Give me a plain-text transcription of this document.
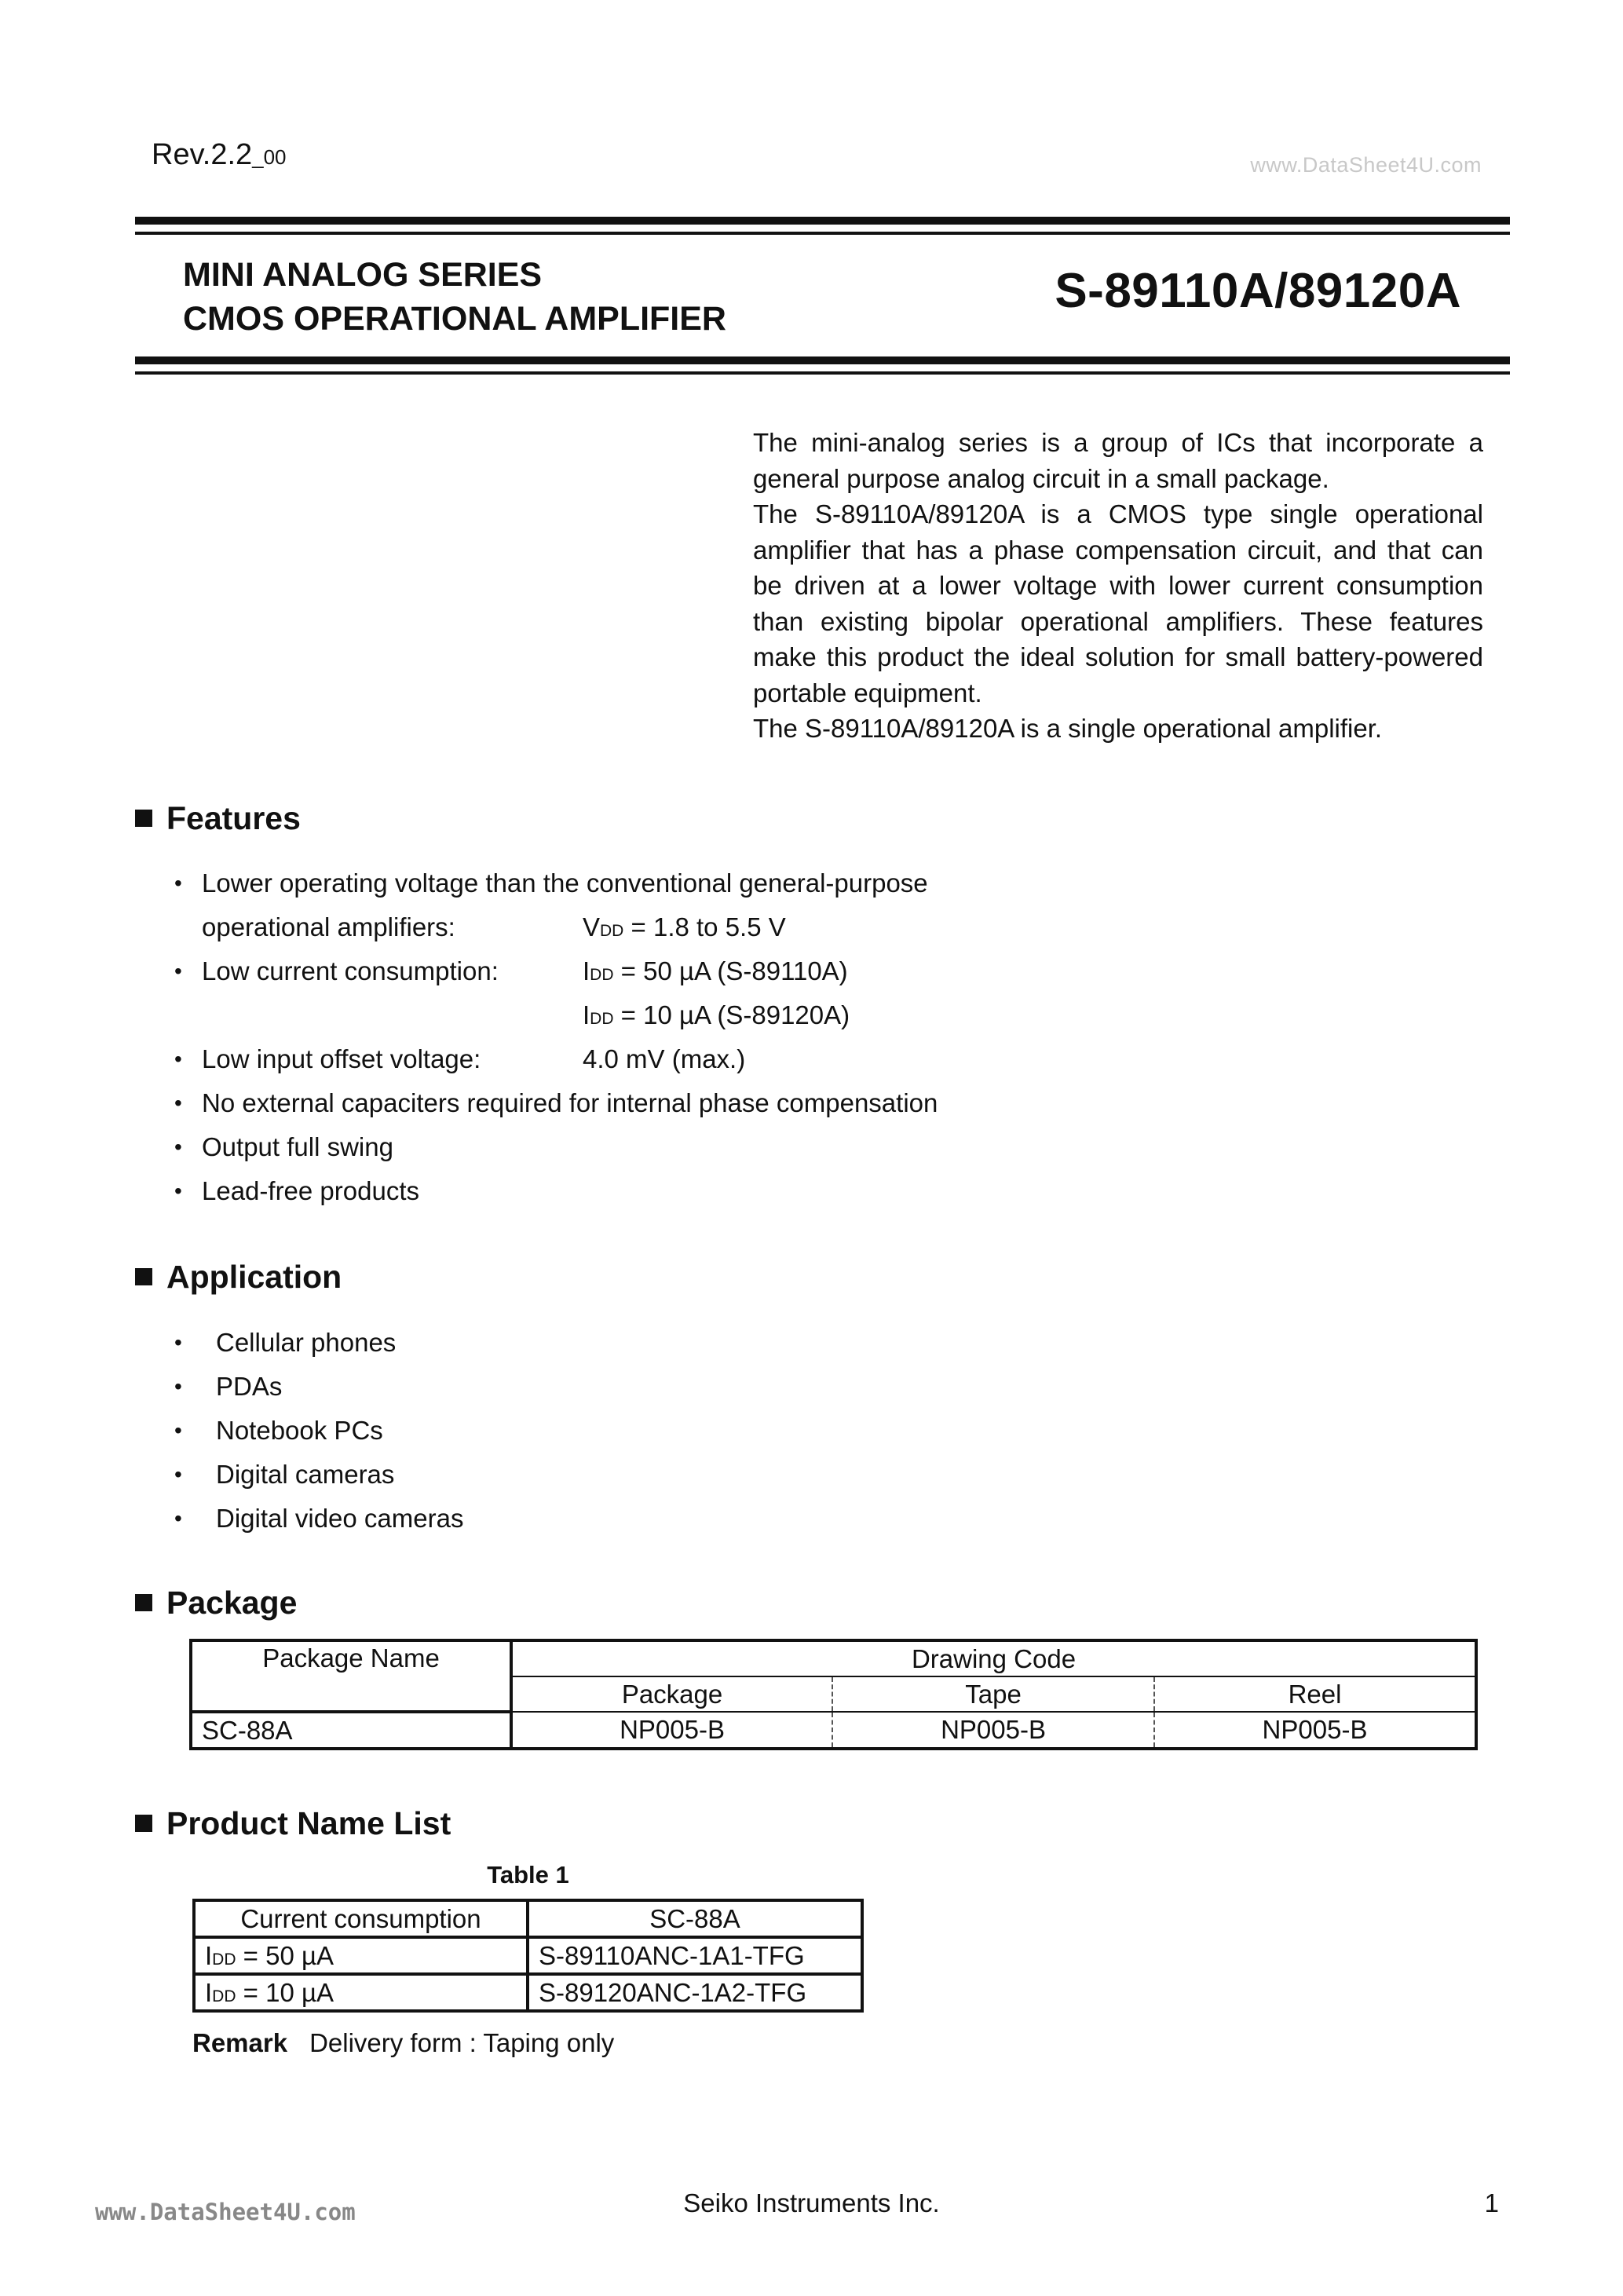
Rev.2.2_00	www.DataSheet4U.com
MINI ANALOG SERIES
CMOS OPERATIONAL AMPLIFIER
S-89110A/89120A

The mini-analog series is a group of ICs that incorporate a general purpose analog circuit in a small package.

The S-89110A/89120A is a CMOS type single operational amplifier that has a phase compensation circuit, and that can be driven at a lower voltage with lower current consumption than existing bipolar operational amplifiers. These features make this product the ideal solution for small battery-powered portable equipment.

The S-89110A/89120A is a single operational amplifier.

Features
• Lower operating voltage than the conventional general-purpose
operational amplifiers:	VDD = 1.8 to 5.5 V
• Low current consumption:	IDD = 50 µA (S-89110A)
IDD = 10 µA (S-89120A)
• Low input offset voltage:	4.0 mV (max.)
• No external capaciters required for internal phase compensation
• Output full swing
• Lead-free products
Application
• Cellular phones
• PDAs
• Notebook PCs
• Digital cameras
• Digital video cameras
Package
Package Name	Drawing Code		
	Package	Tape	Reel
SC-88A	NP005-B	NP005-B	NP005-B
Product Name List
Table 1
Current consumption	SC-88A
IDD = 50 µA	S-89110ANC-1A1-TFG
IDD = 10 µA	S-89120ANC-1A2-TFG
Remark Delivery form : Taping only
www.DataSheet4U.com	Seiko Instruments Inc.	1
